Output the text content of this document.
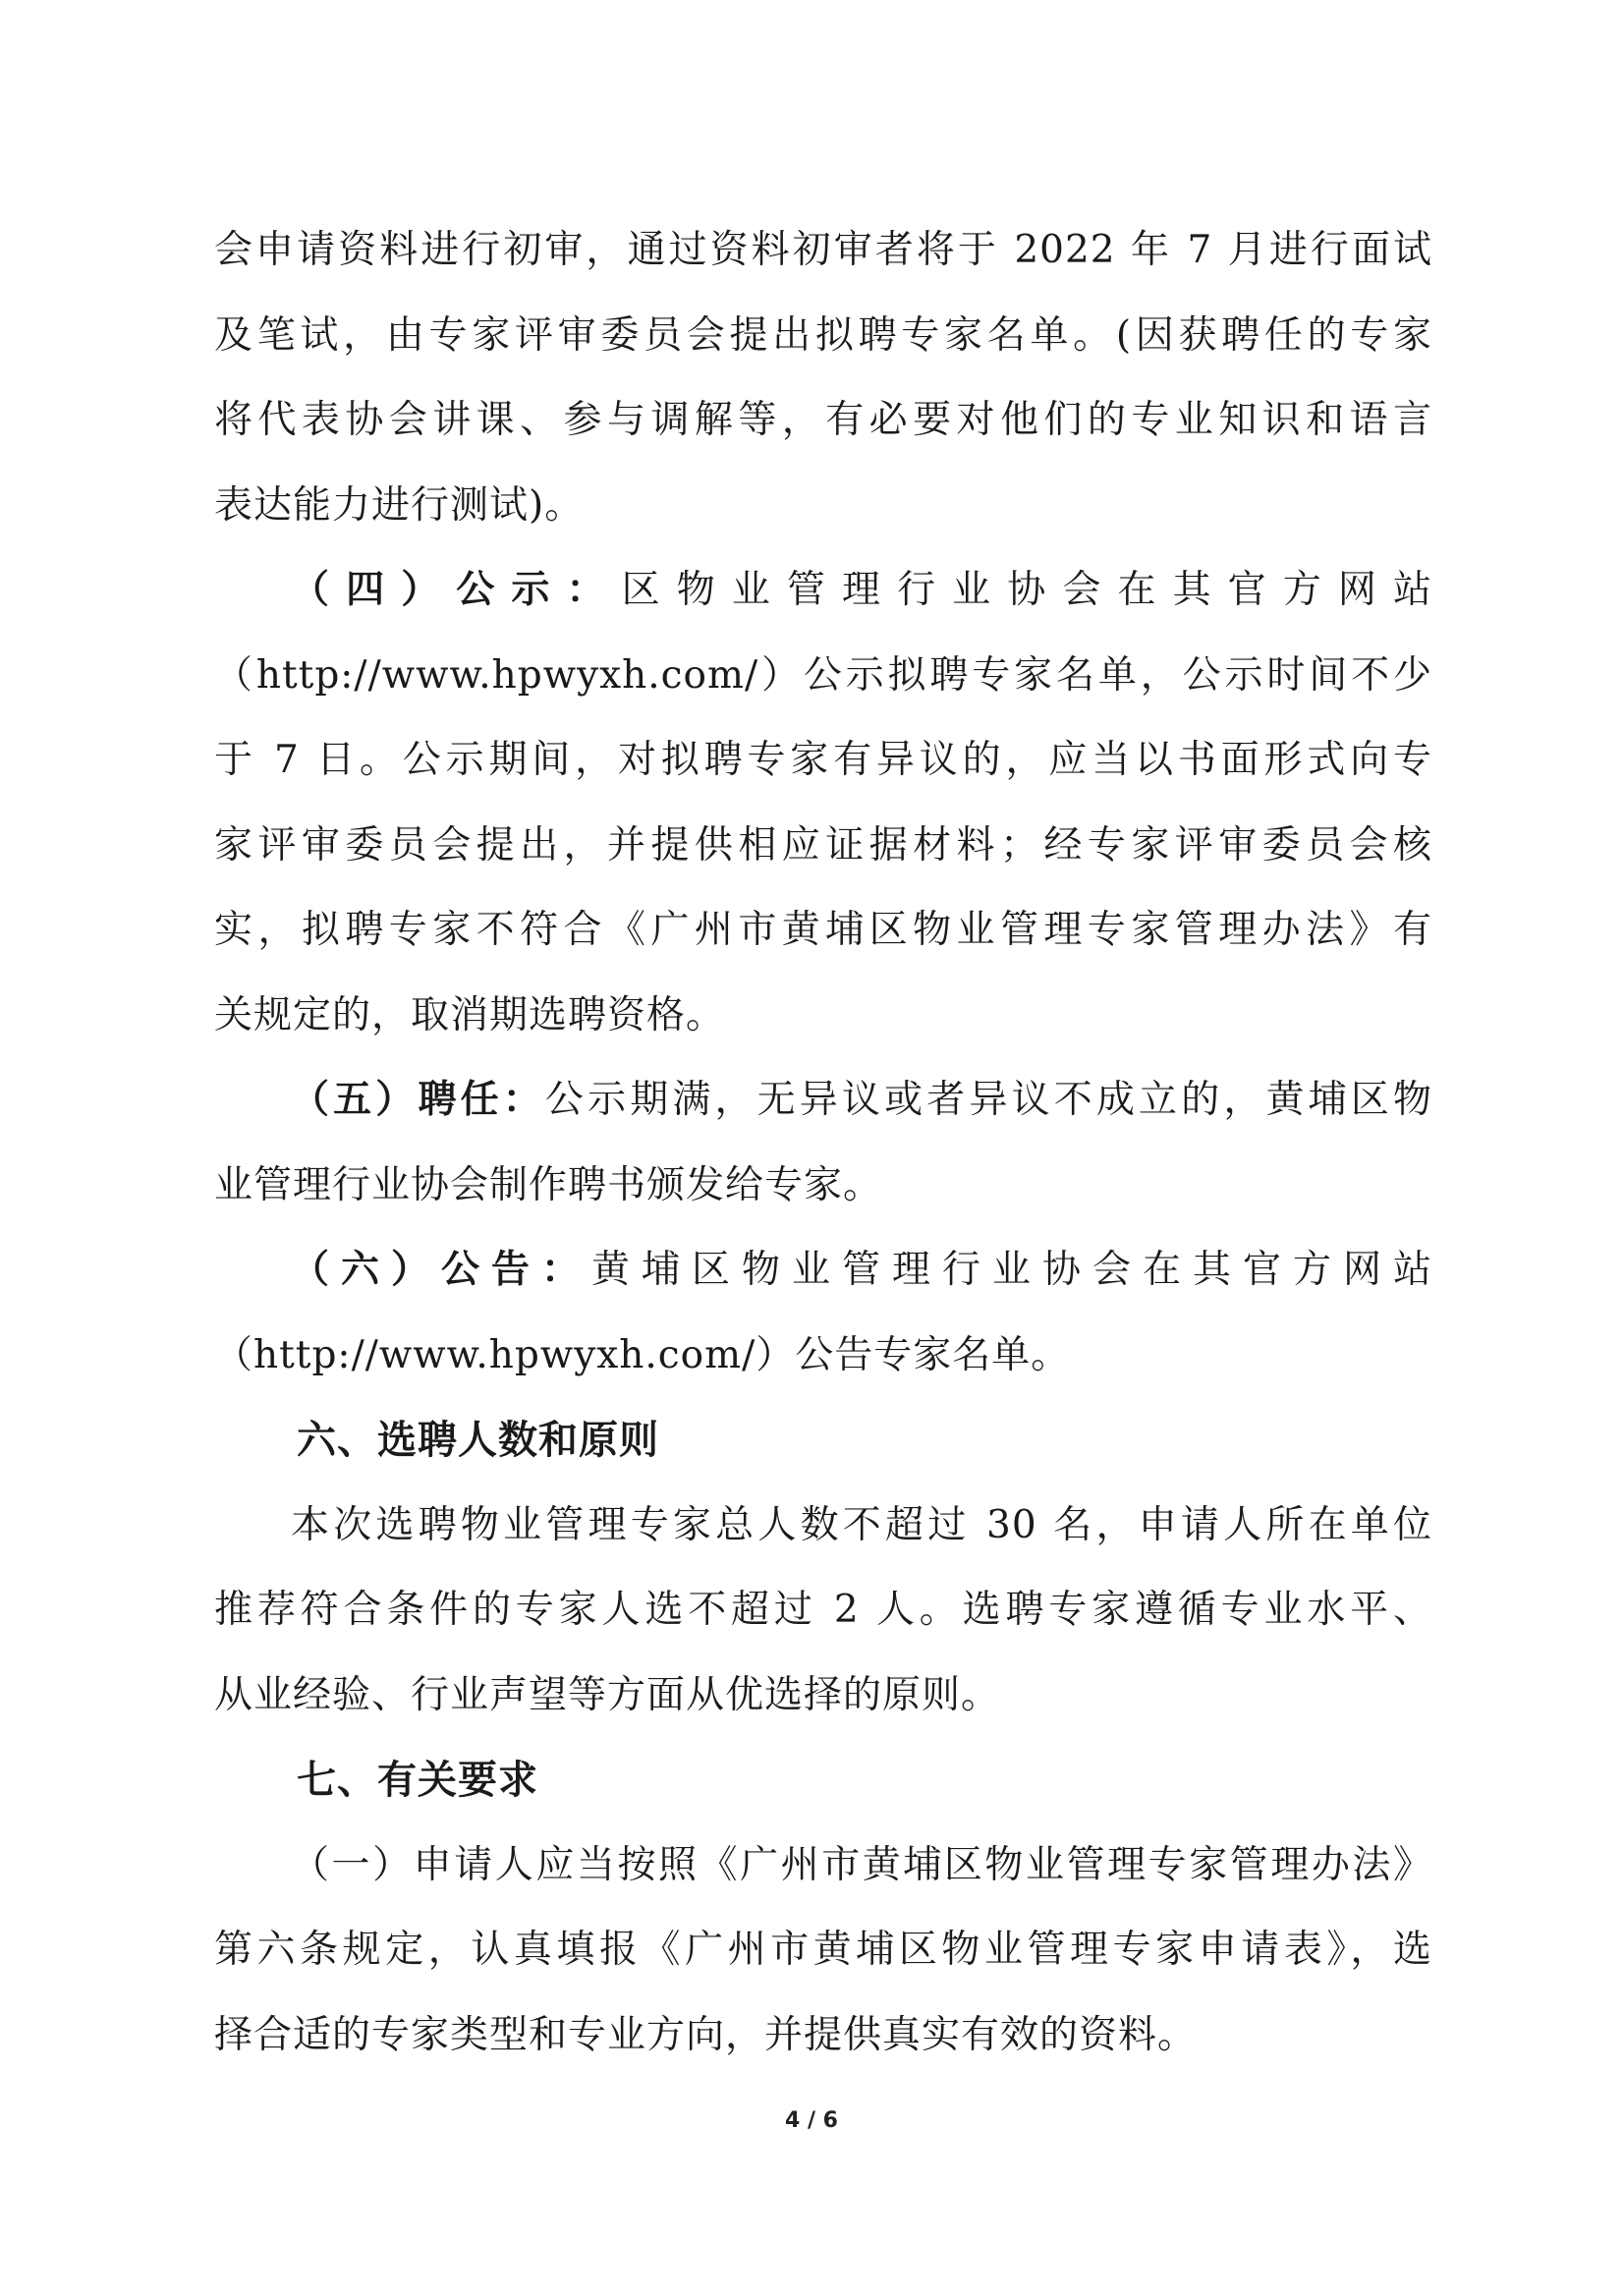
会申请资料进行初审，通过资料初审者将于 2022 年 7 月进行面试
及笔试，由专家评审委员会提出拟聘专家名单。(因获聘任的专家
将代表协会讲课、参与调解等，有必要对他们的专业知识和语言
表达能力进行测试)。
（四）公示：区物业管理行业协会在其官方网站
（http://www.hpwyxh.com/）公示拟聘专家名单，公示时间不少
于 7 日。公示期间，对拟聘专家有异议的，应当以书面形式向专
家评审委员会提出，并提供相应证据材料；经专家评审委员会核
实，拟聘专家不符合《广州市黄埔区物业管理专家管理办法》有
关规定的，取消期选聘资格。
（五）聘任：公示期满，无异议或者异议不成立的，黄埔区物
业管理行业协会制作聘书颁发给专家。
（六）公告：黄埔区物业管理行业协会在其官方网站
（http://www.hpwyxh.com/）公告专家名单。
六、选聘人数和原则
本次选聘物业管理专家总人数不超过 30 名，申请人所在单位
推荐符合条件的专家人选不超过 2 人。选聘专家遵循专业水平、
从业经验、行业声望等方面从优选择的原则。
七、有关要求
（一）申请人应当按照《广州市黄埔区物业管理专家管理办法》
第六条规定，认真填报《广州市黄埔区物业管理专家申请表》，选
择合适的专家类型和专业方向，并提供真实有效的资料。
4 / 6
